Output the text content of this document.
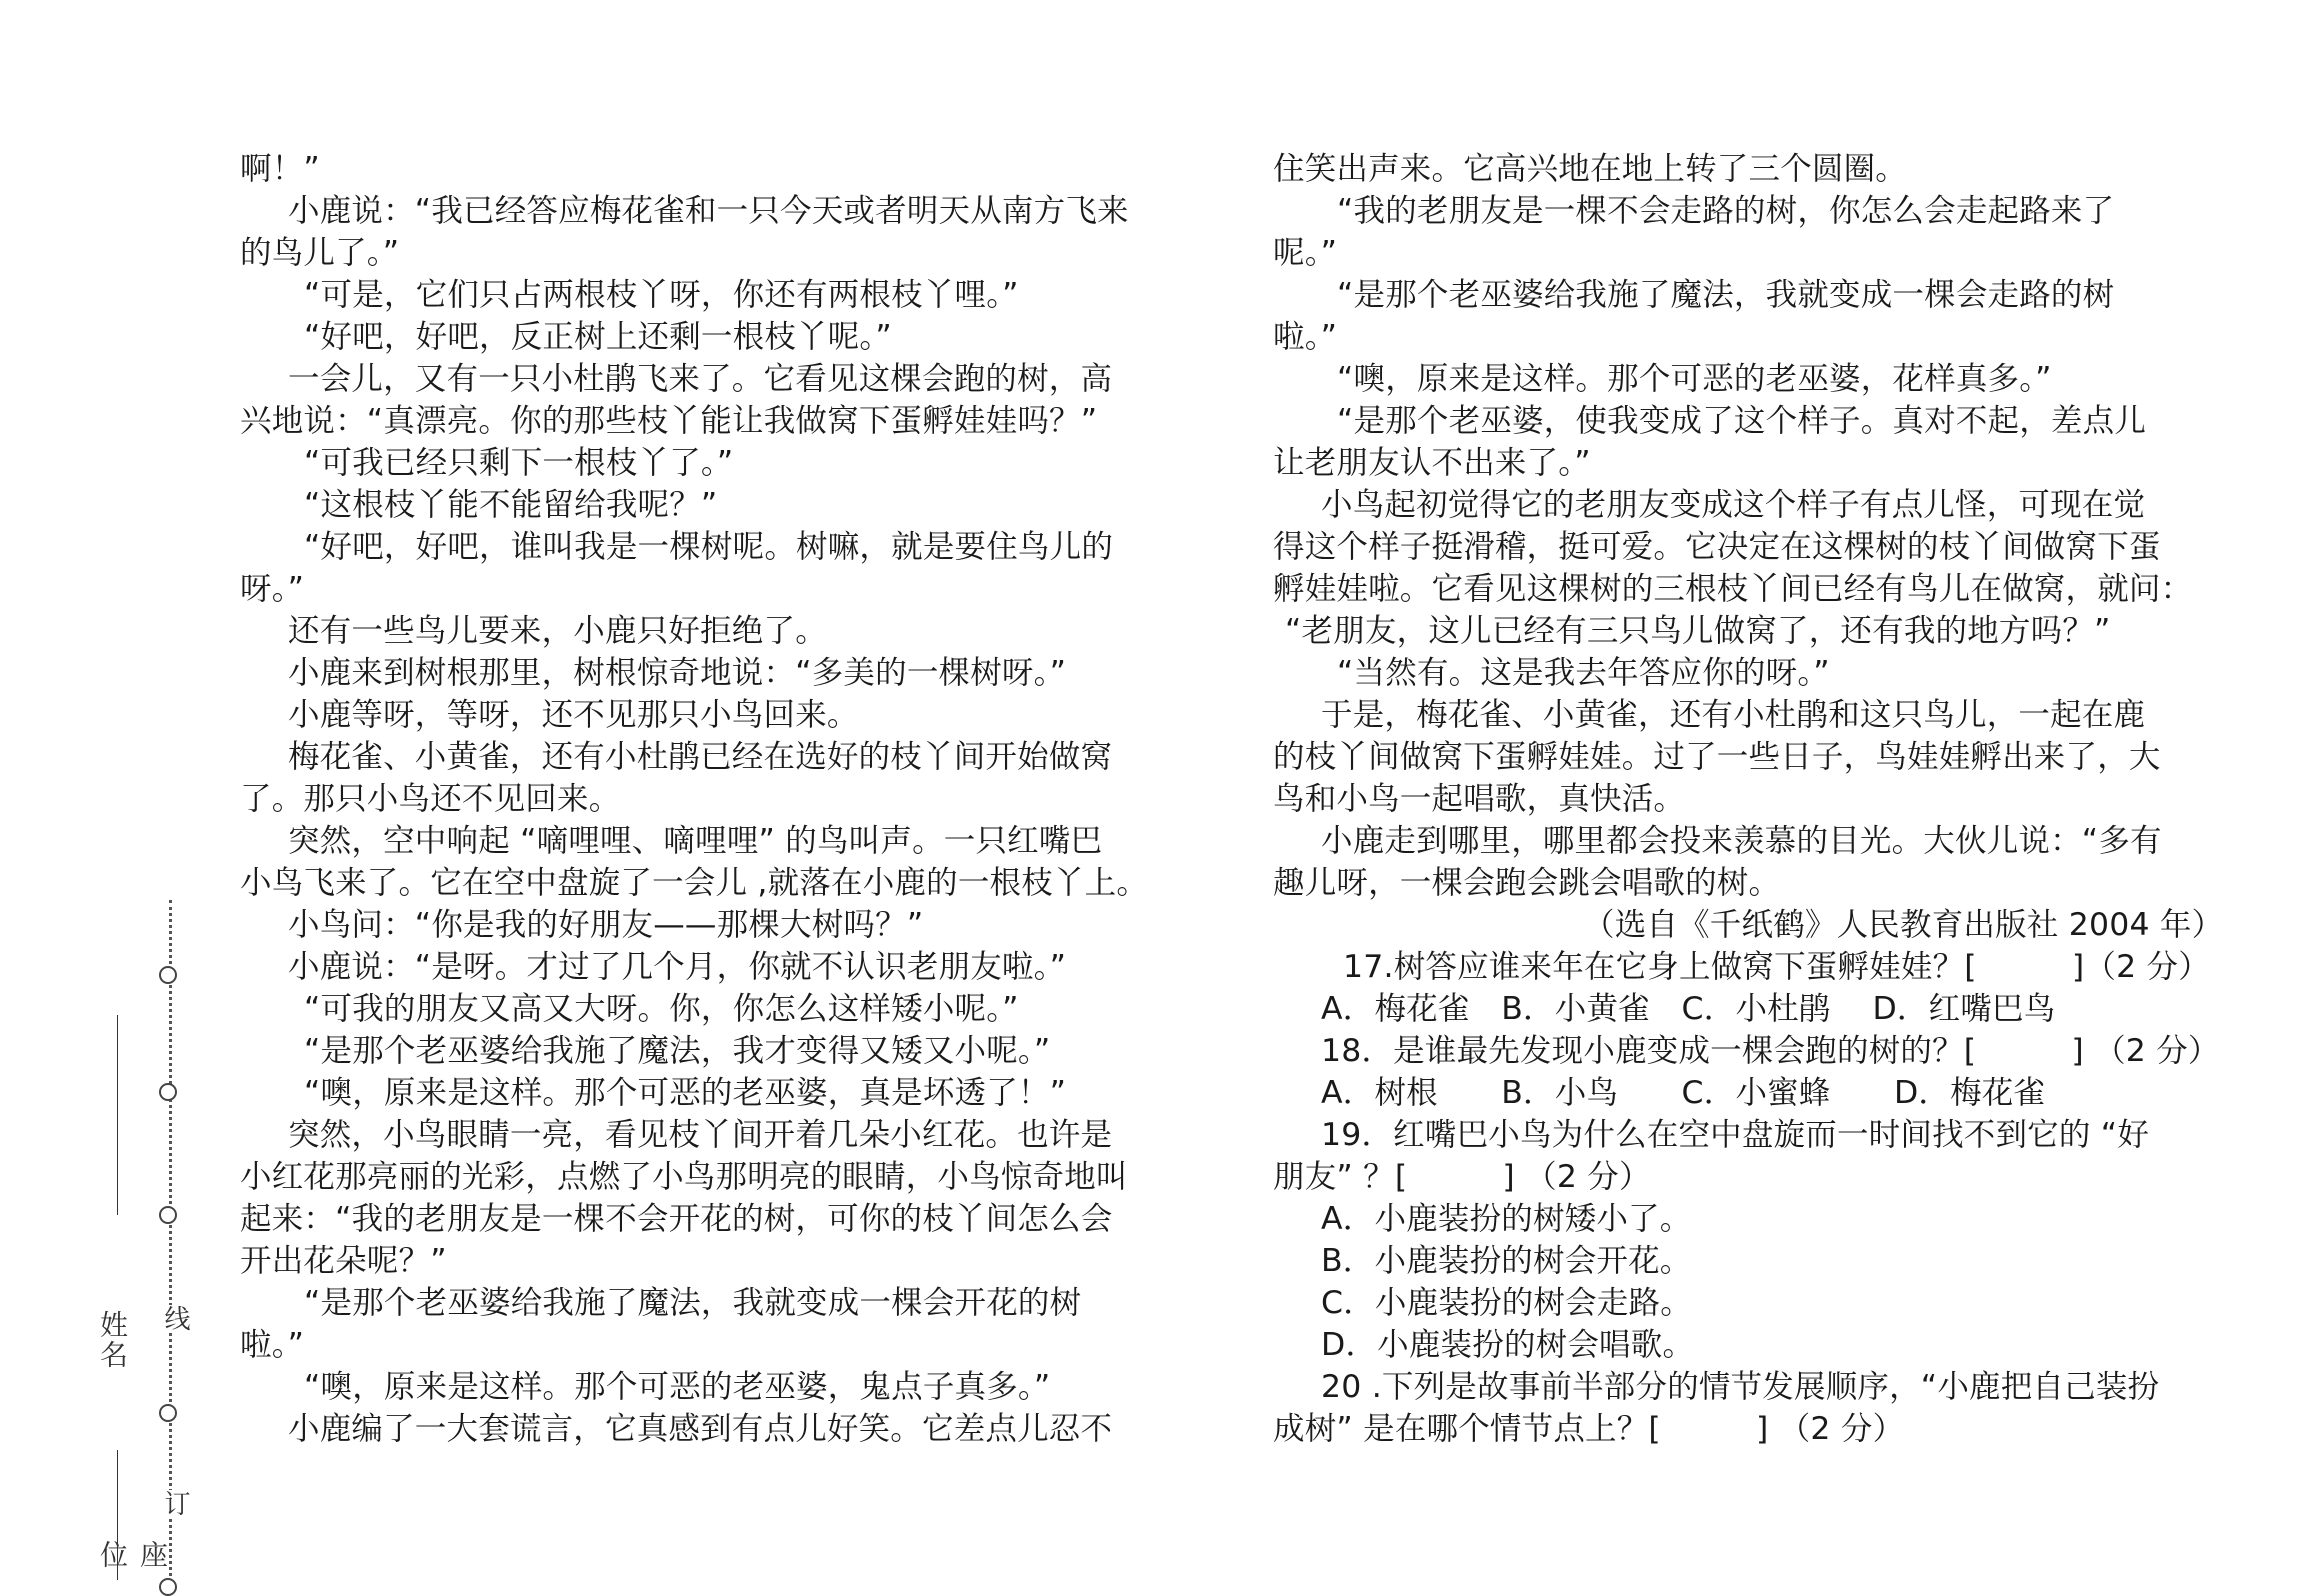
啊！”
小鹿说：“我已经答应梅花雀和一只今天或者明天从南方飞来
的鸟儿了。”
“可是，它们只占两根枝丫呀，你还有两根枝丫哩。”
“好吧，好吧，反正树上还剩一根枝丫呢。”
一会儿，又有一只小杜鹃飞来了。它看见这棵会跑的树，高
兴地说：“真漂亮。你的那些枝丫能让我做窝下蛋孵娃娃吗？”
“可我已经只剩下一根枝丫了。”
“这根枝丫能不能留给我呢？”
“好吧，好吧，谁叫我是一棵树呢。树嘛，就是要住鸟儿的
呀。”
还有一些鸟儿要来，小鹿只好拒绝了。
小鹿来到树根那里，树根惊奇地说：“多美的一棵树呀。”
小鹿等呀，等呀，还不见那只小鸟回来。
梅花雀、小黄雀，还有小杜鹃已经在选好的枝丫间开始做窝
了。那只小鸟还不见回来。
突然，空中响起 “嘀哩哩、嘀哩哩” 的鸟叫声。一只红嘴巴
小鸟飞来了。它在空中盘旋了一会儿 ,就落在小鹿的一根枝丫上。
小鸟问：“你是我的好朋友——那棵大树吗？”
小鹿说：“是呀。才过了几个月，你就不认识老朋友啦。”
“可我的朋友又高又大呀。你，你怎么这样矮小呢。”
“是那个老巫婆给我施了魔法，我才变得又矮又小呢。”
“噢，原来是这样。那个可恶的老巫婆，真是坏透了！”
突然，小鸟眼睛一亮，看见枝丫间开着几朵小红花。也许是
小红花那亮丽的光彩，点燃了小鸟那明亮的眼睛，小鸟惊奇地叫
起来：“我的老朋友是一棵不会开花的树，可你的枝丫间怎么会
开出花朵呢？”
“是那个老巫婆给我施了魔法，我就变成一棵会开花的树
啦。”
“噢，原来是这样。那个可恶的老巫婆，鬼点子真多。”
小鹿编了一大套谎言，它真感到有点儿好笑。它差点儿忍不
住笑出声来。它高兴地在地上转了三个圆圈。
“我的老朋友是一棵不会走路的树，你怎么会走起路来了
呢。”
“是那个老巫婆给我施了魔法，我就变成一棵会走路的树
啦。”
“噢，原来是这样。那个可恶的老巫婆，花样真多。”
“是那个老巫婆，使我变成了这个样子。真对不起，差点儿
让老朋友认不出来了。”
小鸟起初觉得它的老朋友变成这个样子有点儿怪，可现在觉
得这个样子挺滑稽，挺可爱。它决定在这棵树的枝丫间做窝下蛋
孵娃娃啦。它看见这棵树的三根枝丫间已经有鸟儿在做窝，就问：
“老朋友，这儿已经有三只鸟儿做窝了，还有我的地方吗？”
“当然有。这是我去年答应你的呀。”
于是，梅花雀、小黄雀，还有小杜鹃和这只鸟儿，一起在鹿
的枝丫间做窝下蛋孵娃娃。过了一些日子，鸟娃娃孵出来了，大
鸟和小鸟一起唱歌，真快活。
小鹿走到哪里，哪里都会投来羡慕的目光。大伙儿说：“多有
趣儿呀，一棵会跑会跳会唱歌的树。
（选自《千纸鹤》人民教育出版社 2004 年）
17.树答应谁来年在它身上做窝下蛋孵娃娃？[　　　]（2 分）
A．梅花雀　B．小黄雀　C．小杜鹃　 D．红嘴巴鸟
18．是谁最先发现小鹿变成一棵会跑的树的？[　　　] （2 分）
A．树根　　B．小鸟　　C．小蜜蜂　　D．梅花雀
19．红嘴巴小鸟为什么在空中盘旋而一时间找不到它的 “好
朋友” ？[　　　] （2 分）
A．小鹿装扮的树矮小了。
B．小鹿装扮的树会开花。
C．小鹿装扮的树会走路。
D．小鹿装扮的树会唱歌。
20 .下列是故事前半部分的情节发展顺序，“小鹿把自己装扮
成树” 是在哪个情节点上？[　　　] （2 分）
姓名
座位
线
订
